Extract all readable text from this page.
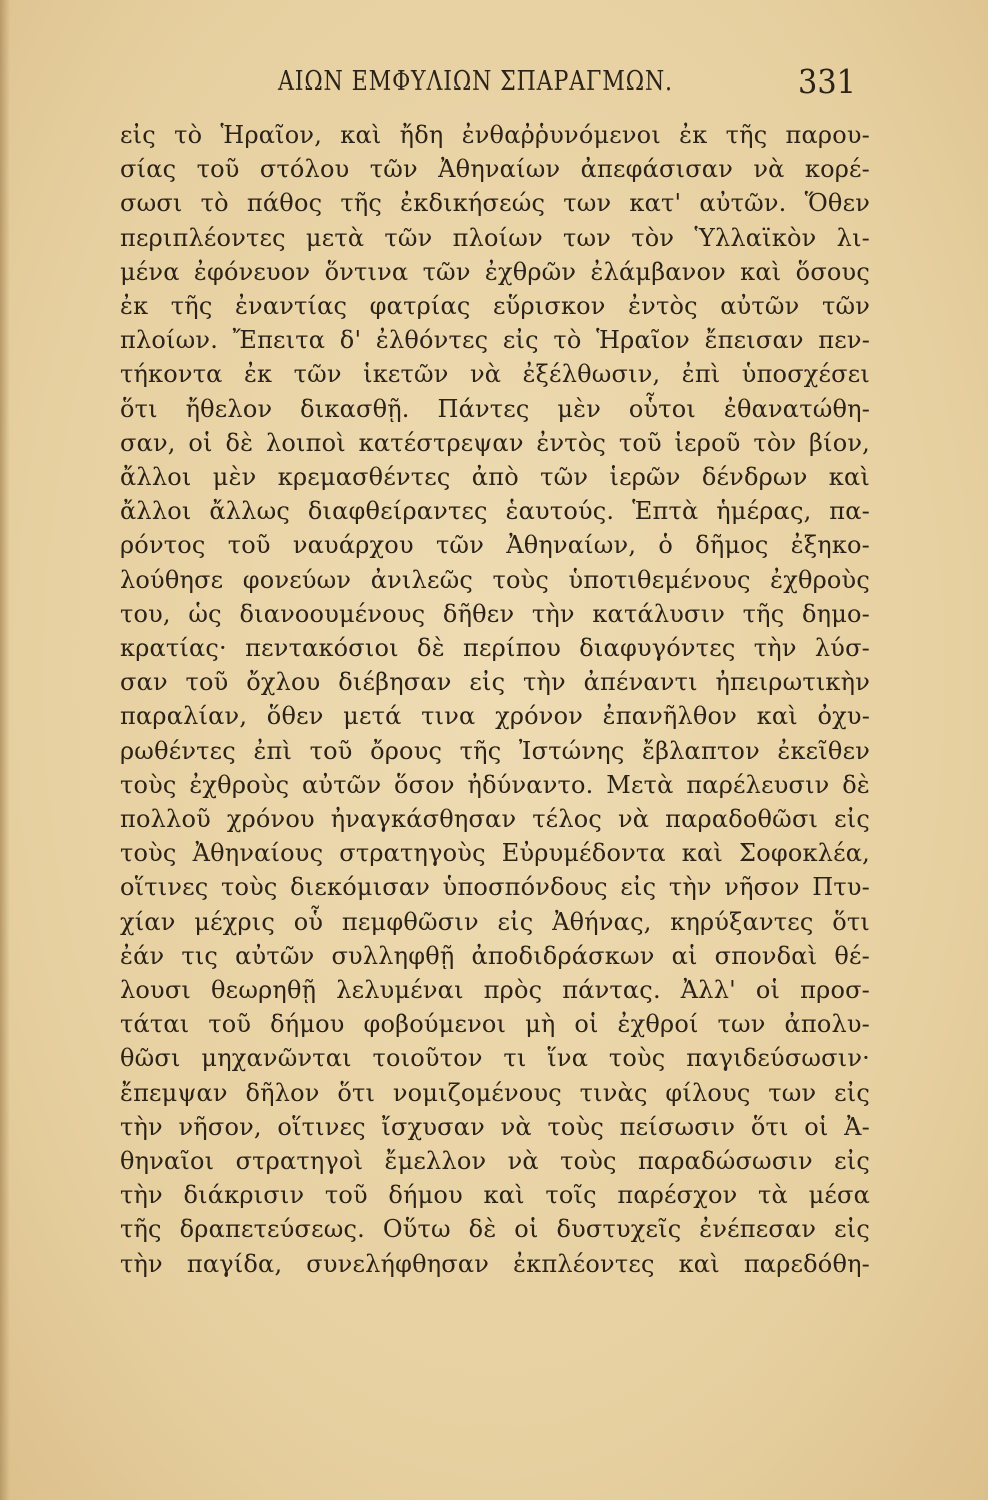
ΑΙΩΝ ΕΜΦΥΛΙΩΝ ΣΠΑΡΑΓΜΩΝ.	331
εἰς τὸ Ἡραῖον, καὶ ἤδη ἐνθαῤῥυνόμενοι ἐκ τῆς παρου-
σίας τοῦ στόλου τῶν Ἀθηναίων ἀπεφάσισαν νὰ κορέ-
σωσι τὸ πάθος τῆς ἐκδικήσεώς των κατ' αὐτῶν. Ὅθεν
περιπλέοντες μετὰ τῶν πλοίων των τὸν Ὑλλαϊκὸν λι-
μένα ἐφόνευον ὅντινα τῶν ἐχθρῶν ἐλάμβανον καὶ ὅσους
ἐκ τῆς ἐναντίας φατρίας εὕρισκον ἐντὸς αὐτῶν τῶν
πλοίων. Ἔπειτα δ' ἐλθόντες εἰς τὸ Ἡραῖον ἔπεισαν πεν-
τήκοντα ἐκ τῶν ἱκετῶν νὰ ἐξέλθωσιν, ἐπὶ ὑποσχέσει
ὅτι ἤθελον δικασθῇ. Πάντες μὲν οὗτοι ἐθανατώθη-
σαν, οἱ δὲ λοιποὶ κατέστρεψαν ἐντὸς τοῦ ἱεροῦ τὸν βίον,
ἄλλοι μὲν κρεμασθέντες ἀπὸ τῶν ἱερῶν δένδρων καὶ
ἄλλοι ἄλλως διαφθείραντες ἑαυτούς. Ἑπτὰ ἡμέρας, πα-
ρόντος τοῦ ναυάρχου τῶν Ἀθηναίων, ὁ δῆμος ἐξηκο-
λούθησε φονεύων ἀνιλεῶς τοὺς ὑποτιθεμένους ἐχθροὺς
του, ὡς διανοουμένους δῆθεν τὴν κατάλυσιν τῆς δημο-
κρατίας· πεντακόσιοι δὲ περίπου διαφυγόντες τὴν λύσ-
σαν τοῦ ὄχλου διέβησαν εἰς τὴν ἀπέναντι ἠπειρωτικὴν
παραλίαν, ὅθεν μετά τινα χρόνον ἐπανῆλθον καὶ ὀχυ-
ρωθέντες ἐπὶ τοῦ ὄρους τῆς Ἰστώνης ἔβλαπτον ἐκεῖθεν
τοὺς ἐχθροὺς αὐτῶν ὅσον ἠδύναντο. Μετὰ παρέλευσιν δὲ
πολλοῦ χρόνου ἠναγκάσθησαν τέλος νὰ παραδοθῶσι εἰς
τοὺς Ἀθηναίους στρατηγοὺς Εὐρυμέδοντα καὶ Σοφοκλέα,
οἵτινες τοὺς διεκόμισαν ὑποσπόνδους εἰς τὴν νῆσον Πτυ-
χίαν μέχρις οὗ πεμφθῶσιν εἰς Ἀθήνας, κηρύξαντες ὅτι
ἐάν τις αὐτῶν συλληφθῇ ἀποδιδράσκων αἱ σπονδαὶ θέ-
λουσι θεωρηθῇ λελυμέναι πρὸς πάντας. Ἀλλ' οἱ προσ-
τάται τοῦ δήμου φοβούμενοι μὴ οἱ ἐχθροί των ἀπολυ-
θῶσι μηχανῶνται τοιοῦτον τι ἵνα τοὺς παγιδεύσωσιν·
ἔπεμψαν δῆλον ὅτι νομιζομένους τινὰς φίλους των εἰς
τὴν νῆσον, οἵτινες ἴσχυσαν νὰ τοὺς πείσωσιν ὅτι οἱ Ἀ-
θηναῖοι στρατηγοὶ ἔμελλον νὰ τοὺς παραδώσωσιν εἰς
τὴν διάκρισιν τοῦ δήμου καὶ τοῖς παρέσχον τὰ μέσα
τῆς δραπετεύσεως. Οὕτω δὲ οἱ δυστυχεῖς ἐνέπεσαν εἰς
τὴν παγίδα, συνελήφθησαν ἐκπλέοντες καὶ παρεδόθη-
